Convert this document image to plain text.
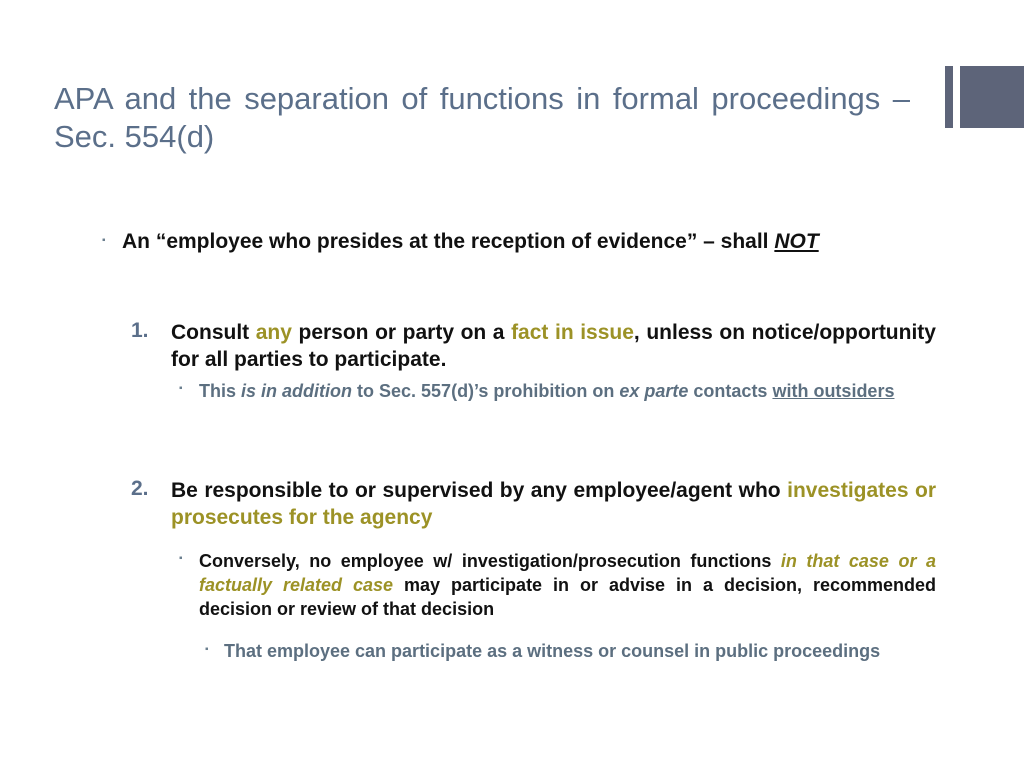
APA and the separation of functions in formal proceedings – Sec. 554(d)
▪ An “employee who presides at the reception of evidence” – shall NOT
1. Consult any person or party on a fact in issue, unless on notice/opportunity for all parties to participate.
▪ This is in addition to Sec. 557(d)’s prohibition on ex parte contacts with outsiders
2. Be responsible to or supervised by any employee/agent who investigates or prosecutes for the agency
▪ Conversely, no employee w/ investigation/prosecution functions in that case or a factually related case may participate in or advise in a decision, recommended decision or review of that decision
▪ That employee can participate as a witness or counsel in public proceedings
